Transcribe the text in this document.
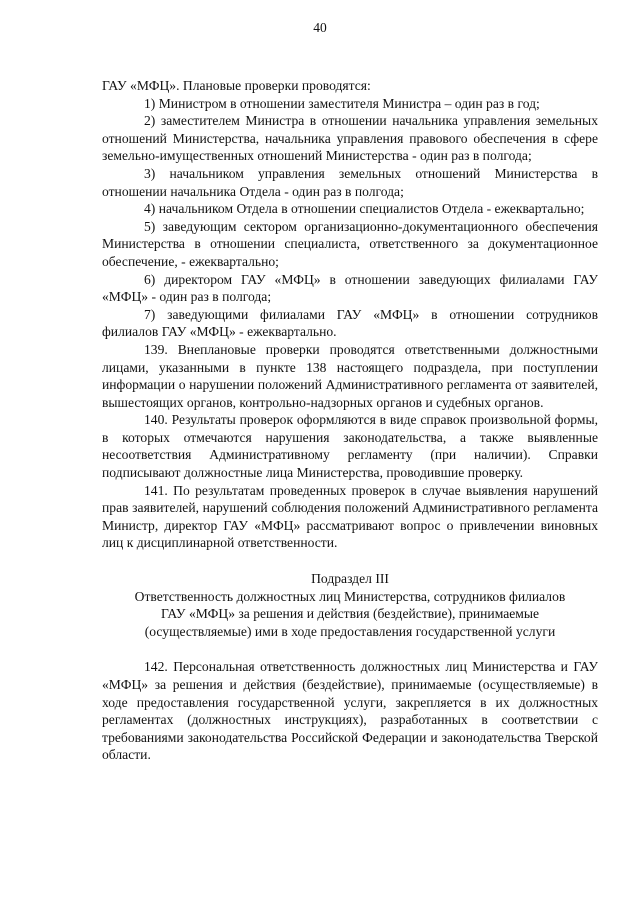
40

ГАУ «МФЦ». Плановые проверки проводятся:

1) Министром в отношении заместителя Министра – один раз в год;

2) заместителем Министра в отношении начальника управления земельных отношений Министерства, начальника управления правового обеспечения в сфере земельно-имущественных отношений Министерства - один раз в полгода;

3) начальником управления земельных отношений Министерства в отношении начальника Отдела - один раз в полгода;

4) начальником Отдела в отношении специалистов Отдела - ежеквартально;

5) заведующим сектором организационно-документационного обеспечения Министерства в отношении специалиста, ответственного за документационное обеспечение, - ежеквартально;

6) директором ГАУ «МФЦ» в отношении заведующих филиалами ГАУ «МФЦ» - один раз в полгода;

7) заведующими филиалами ГАУ «МФЦ» в отношении сотрудников филиалов ГАУ «МФЦ» - ежеквартально.

139. Внеплановые проверки проводятся ответственными должностными лицами, указанными в пункте 138 настоящего подраздела, при поступлении информации о нарушении положений Административного регламента от заявителей, вышестоящих органов, контрольно-надзорных органов и судебных органов.

140. Результаты проверок оформляются в виде справок произвольной формы, в которых отмечаются нарушения законодательства, а также выявленные несоответствия Административному регламенту (при наличии). Справки подписывают должностные лица Министерства, проводившие проверку.

141. По результатам проведенных проверок в случае выявления нарушений прав заявителей, нарушений соблюдения положений Административного регламента Министр, директор ГАУ «МФЦ» рассматривают вопрос о привлечении виновных лиц к дисциплинарной ответственности.

Подраздел III

Ответственность должностных лиц Министерства, сотрудников филиалов

ГАУ «МФЦ» за решения и действия (бездействие), принимаемые

(осуществляемые) ими в ходе предоставления государственной услуги

142. Персональная ответственность должностных лиц Министерства и ГАУ «МФЦ» за решения и действия (бездействие), принимаемые (осуществляемые) в ходе предоставления государственной услуги, закрепляется в их должностных регламентах (должностных инструкциях), разработанных в соответствии с требованиями законодательства Российской Федерации и законодательства Тверской области.
